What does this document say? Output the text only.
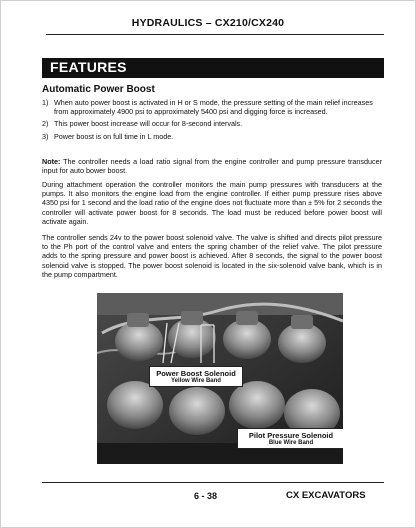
HYDRAULICS – CX210/CX240
FEATURES
Automatic Power Boost
1) When auto power boost is activated in H or S mode, the pressure setting of the main relief increases from approximately 4900 psi to approximately 5400 psi and digging force is increased.
2) This power boost increase will occur for 8-second intervals.
3) Power boost is on full time in L mode.
Note: The controller needs a load ratio signal from the engine controller and pump pressure transducer input for auto bower boost.
During attachment operation the controller monitors the main pump pressures with transducers at the pumps. It also monitors the engine load from the engine controller. If either pump pressure rises above 4350 psi for 1 second and the load ratio of the engine does not fluctuate more than ± 5% for 2 seconds the controller will activate power boost for 8 seconds. The load must be reduced before power boost will activate again.
The controller sends 24v to the power boost solenoid valve. The valve is shifted and directs pilot pressure to the Ph port of the control valve and enters the spring chamber of the relief valve. The pilot pressure adds to the spring pressure and power boost is achieved. After 8 seconds, the signal to the power boost solenoid valve is stopped. The power boost solenoid is located in the six-solenoid valve bank, which is in the pump compartment.
Power Boost Solenoid
Yellow Wire Band
Pilot Pressure Solenoid
Blue Wire Band
6 - 38	CX EXCAVATORS
